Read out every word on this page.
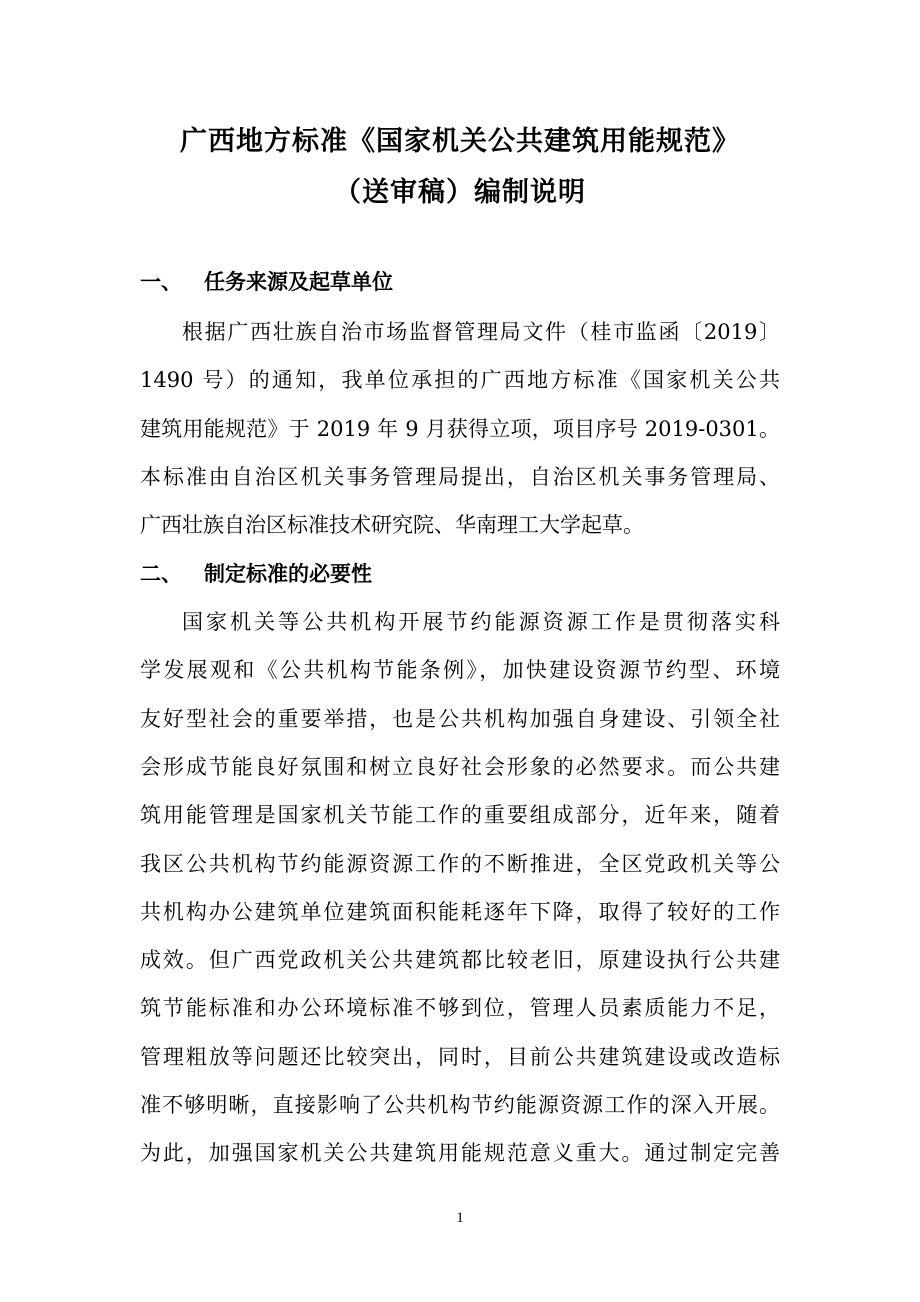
广西地方标准《国家机关公共建筑用能规范》
（送审稿）编制说明
一、 任务来源及起草单位
根据广西壮族自治市场监督管理局文件（桂市监函〔2019〕
1490 号）的通知，我单位承担的广西地方标准《国家机关公共
建筑用能规范》于 2019 年 9 月获得立项，项目序号 2019-0301。
本标准由自治区机关事务管理局提出，自治区机关事务管理局、
广西壮族自治区标准技术研究院、华南理工大学起草。
二、 制定标准的必要性
国家机关等公共机构开展节约能源资源工作是贯彻落实科
学发展观和《公共机构节能条例》，加快建设资源节约型、环境
友好型社会的重要举措，也是公共机构加强自身建设、引领全社
会形成节能良好氛围和树立良好社会形象的必然要求。而公共建
筑用能管理是国家机关节能工作的重要组成部分，近年来，随着
我区公共机构节约能源资源工作的不断推进，全区党政机关等公
共机构办公建筑单位建筑面积能耗逐年下降，取得了较好的工作
成效。但广西党政机关公共建筑都比较老旧，原建设执行公共建
筑节能标准和办公环境标准不够到位，管理人员素质能力不足，
管理粗放等问题还比较突出，同时，目前公共建筑建设或改造标
准不够明晰，直接影响了公共机构节约能源资源工作的深入开展。
为此，加强国家机关公共建筑用能规范意义重大。通过制定完善
1
